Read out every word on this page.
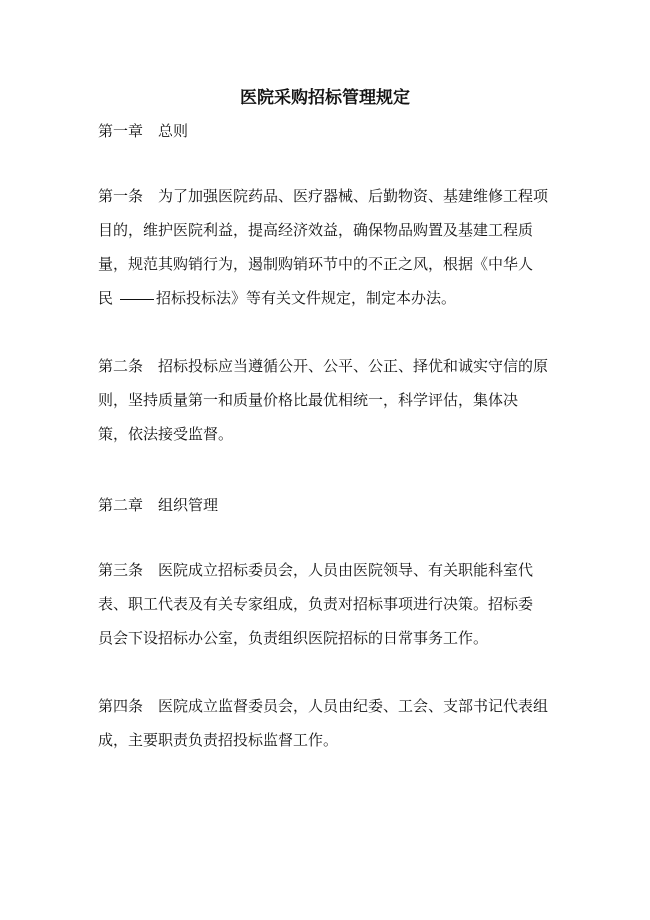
医院采购招标管理规定
第一章 总则
第一条 为了加强医院药品、医疗器械、后勤物资、基建维修工程项
目的，维护医院利益，提高经济效益，确保物品购置及基建工程质
量，规范其购销行为，遏制购销环节中的不正之风，根据《中华人
民	招标投标法》等有关文件规定，制定本办法。
第二条 招标投标应当遵循公开、公平、公正、择优和诚实守信的原
则，坚持质量第一和质量价格比最优相统一，科学评估，集体决
策，依法接受监督。
第二章 组织管理
第三条 医院成立招标委员会，人员由医院领导、有关职能科室代
表、职工代表及有关专家组成，负责对招标事项进行决策。招标委
员会下设招标办公室，负责组织医院招标的日常事务工作。
第四条 医院成立监督委员会，人员由纪委、工会、支部书记代表组
成，主要职责负责招投标监督工作。
